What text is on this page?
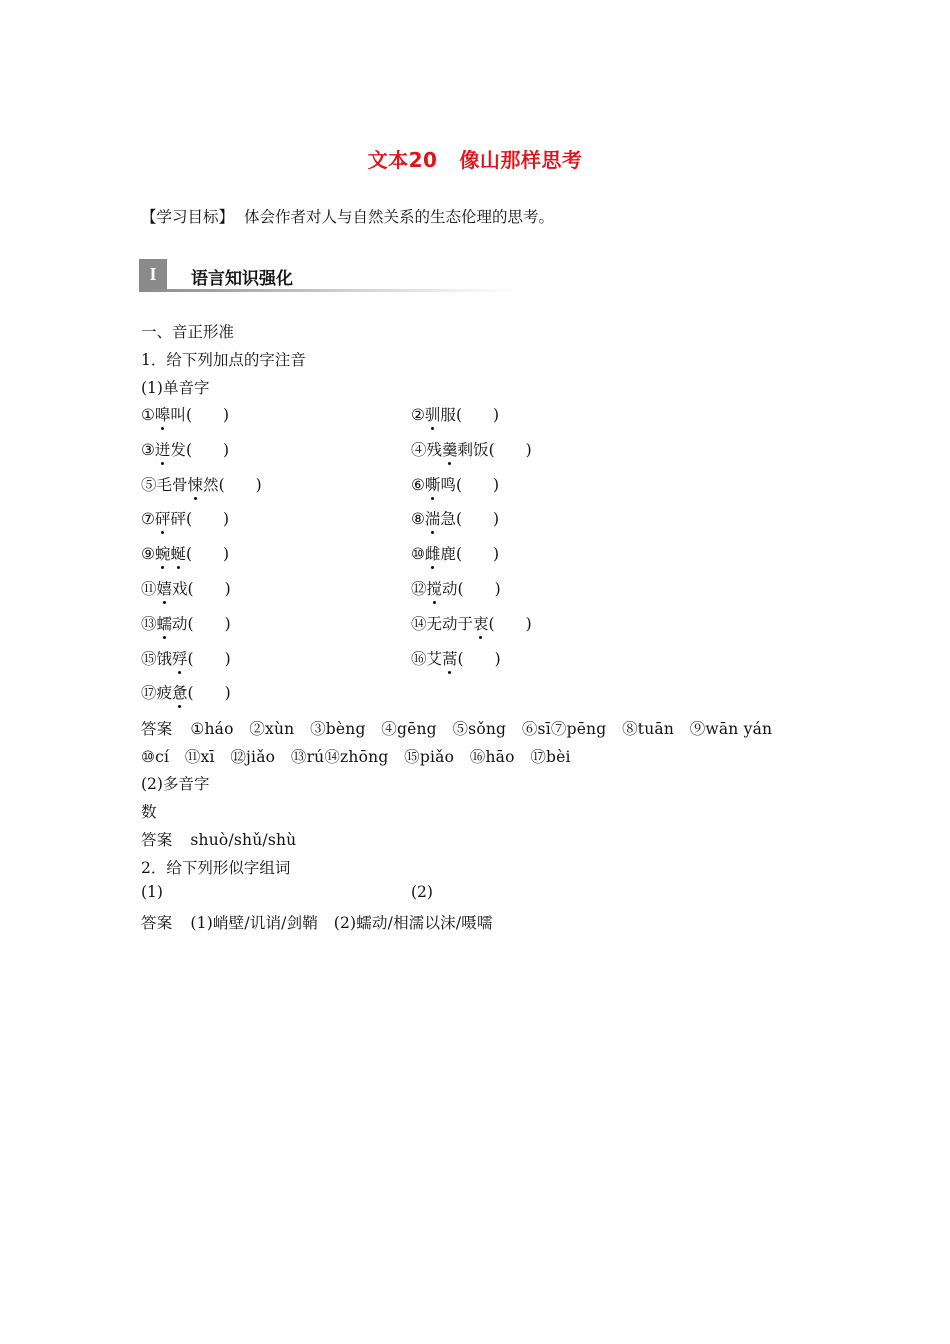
文本20 像山那样思考
【学习目标】 体会作者对人与自然关系的生态伦理的思考。
I	语言知识强化
一、音正形准
1．给下列加点的字注音
(1)单音字
①嗥叫(　　)	②驯服(　　)
③迸发(　　)	④残羹剩饭(　　)
⑤毛骨悚然(　　)	⑥嘶鸣(　　)
⑦砰砰(　　)	⑧湍急(　　)
⑨蜿蜒(　　)	⑩雌鹿(　　)
⑪嬉戏(　　)	⑫搅动(　　)
⑬蠕动(　　)	⑭无动于衷(　　)
⑮饿殍(　　)	⑯艾蒿(　　)
⑰疲惫(　　)
答案 ①háo　②xùn　③bèng　④gēng　⑤sǒng　⑥sī⑦pēng　⑧tuān　⑨wān yán
⑩cí　⑪xī　⑫jiǎo　⑬rú⑭zhōng　⑮piǎo　⑯hāo　⑰bèi
(2)多音字
数
答案 shuò/shǔ/shù
2．给下列形似字组词
(1)	(2)
答案 (1)峭壁/讥诮/剑鞘　(2)蠕动/相濡以沫/嗫嚅
